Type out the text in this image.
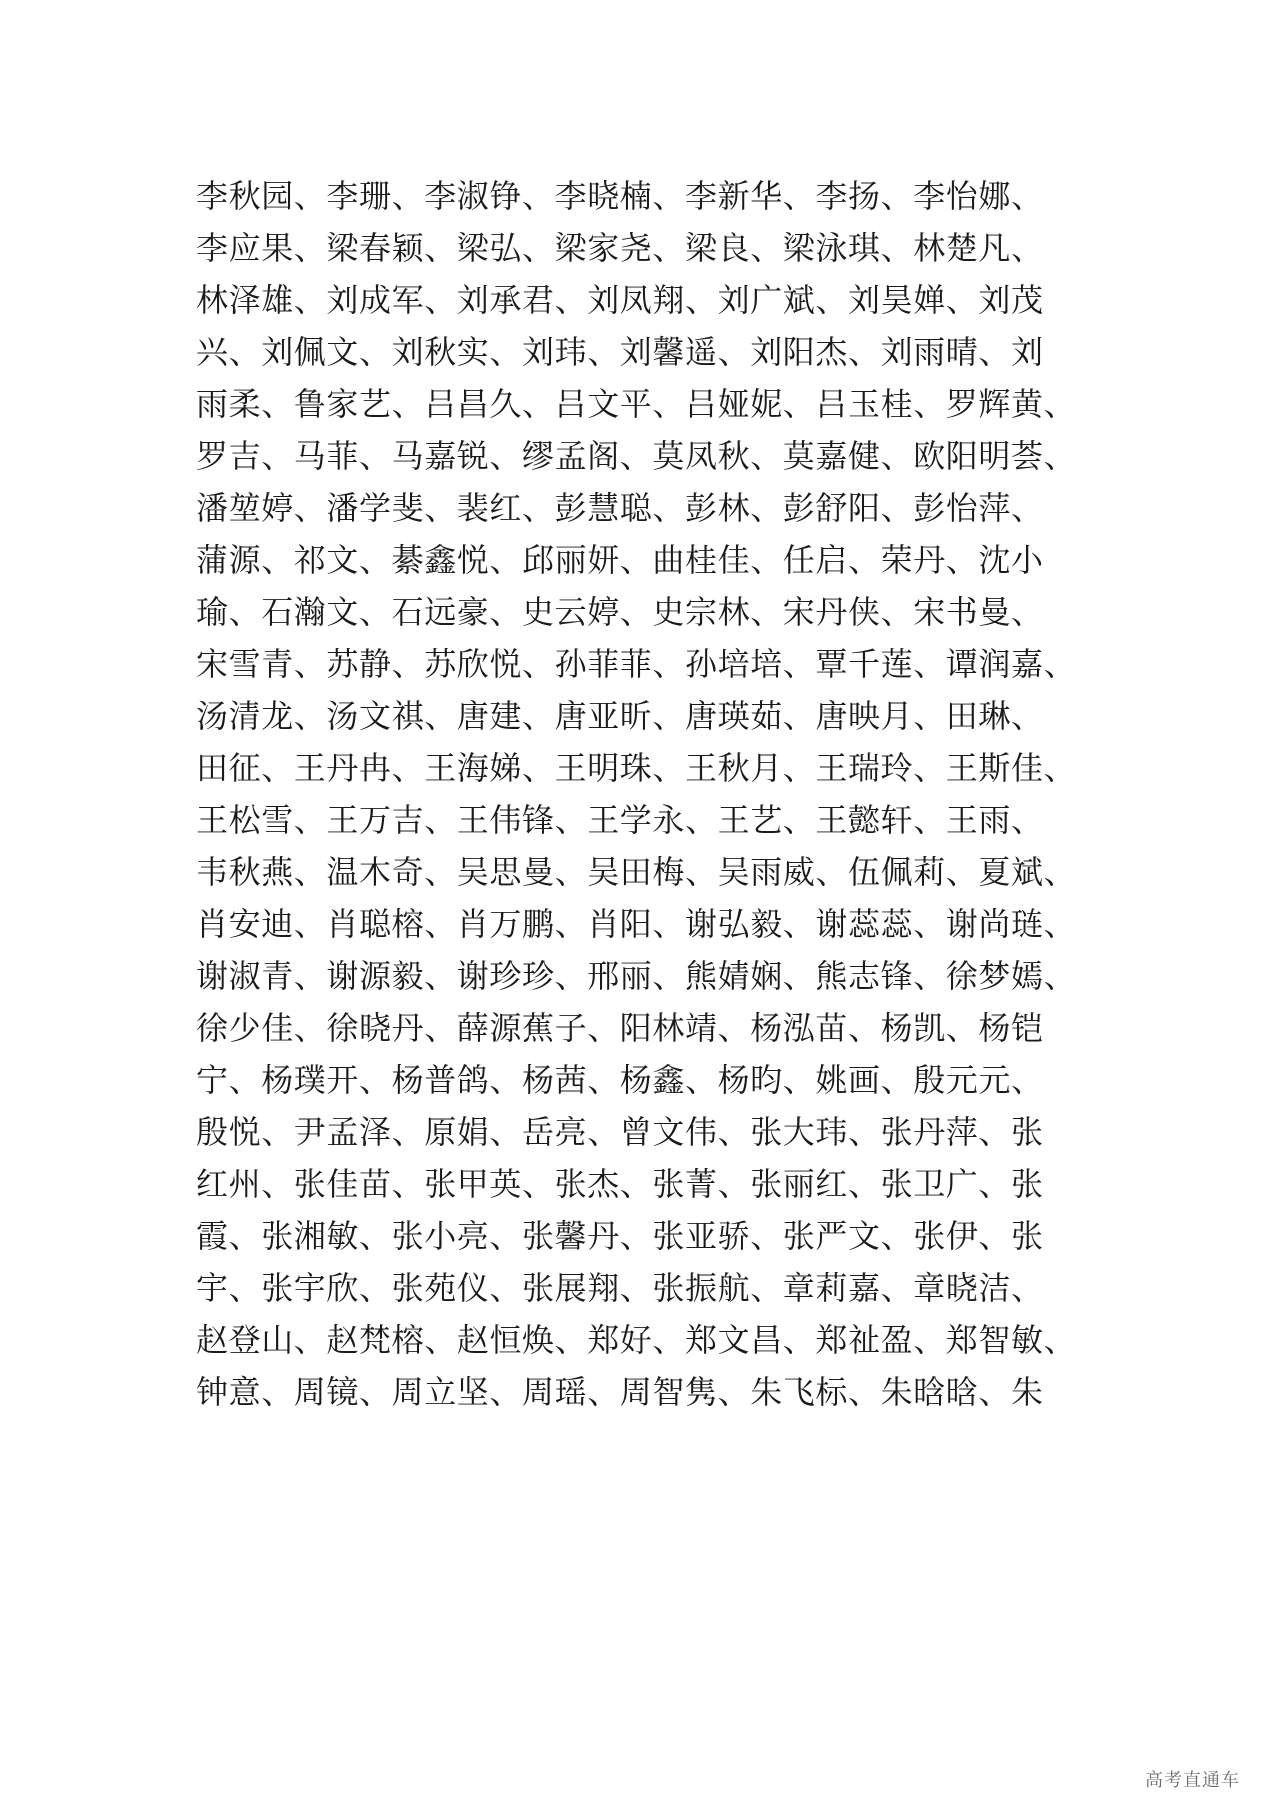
李秋园、李珊、李淑铮、李晓楠、李新华、李扬、李怡娜、
李应果、梁春颖、梁弘、梁家尧、梁良、梁泳琪、林楚凡、
林泽雄、刘成军、刘承君、刘凤翔、刘广斌、刘昊婵、刘茂
兴、刘佩文、刘秋实、刘玮、刘馨遥、刘阳杰、刘雨晴、刘
雨柔、鲁家艺、吕昌久、吕文平、吕娅妮、吕玉桂、罗辉黄、
罗吉、马菲、马嘉锐、缪孟阁、莫凤秋、莫嘉健、欧阳明荟、
潘堃婷、潘学斐、裴红、彭慧聪、彭林、彭舒阳、彭怡萍、
蒲源、祁文、綦鑫悦、邱丽妍、曲桂佳、任启、荣丹、沈小
瑜、石瀚文、石远豪、史云婷、史宗林、宋丹侠、宋书曼、
宋雪青、苏静、苏欣悦、孙菲菲、孙培培、覃千莲、谭润嘉、
汤清龙、汤文祺、唐建、唐亚昕、唐瑛茹、唐映月、田琳、
田征、王丹冉、王海娣、王明珠、王秋月、王瑞玲、王斯佳、
王松雪、王万吉、王伟锋、王学永、王艺、王懿轩、王雨、
韦秋燕、温木奇、吴思曼、吴田梅、吴雨威、伍佩莉、夏斌、
肖安迪、肖聪榕、肖万鹏、肖阳、谢弘毅、谢蕊蕊、谢尚琏、
谢淑青、谢源毅、谢珍珍、邢丽、熊婧娴、熊志锋、徐梦嫣、
徐少佳、徐晓丹、薛源蕉子、阳林靖、杨泓苗、杨凯、杨铠
宁、杨璞开、杨普鸽、杨茜、杨鑫、杨昀、姚画、殷元元、
殷悦、尹孟泽、原娟、岳亮、曾文伟、张大玮、张丹萍、张
红州、张佳苗、张甲英、张杰、张菁、张丽红、张卫广、张
霞、张湘敏、张小亮、张馨丹、张亚骄、张严文、张伊、张
宇、张宇欣、张苑仪、张展翔、张振航、章莉嘉、章晓洁、
赵登山、赵梵榕、赵恒焕、郑好、郑文昌、郑祉盈、郑智敏、
钟意、周镜、周立坚、周瑶、周智隽、朱飞标、朱晗晗、朱
高考直通车
